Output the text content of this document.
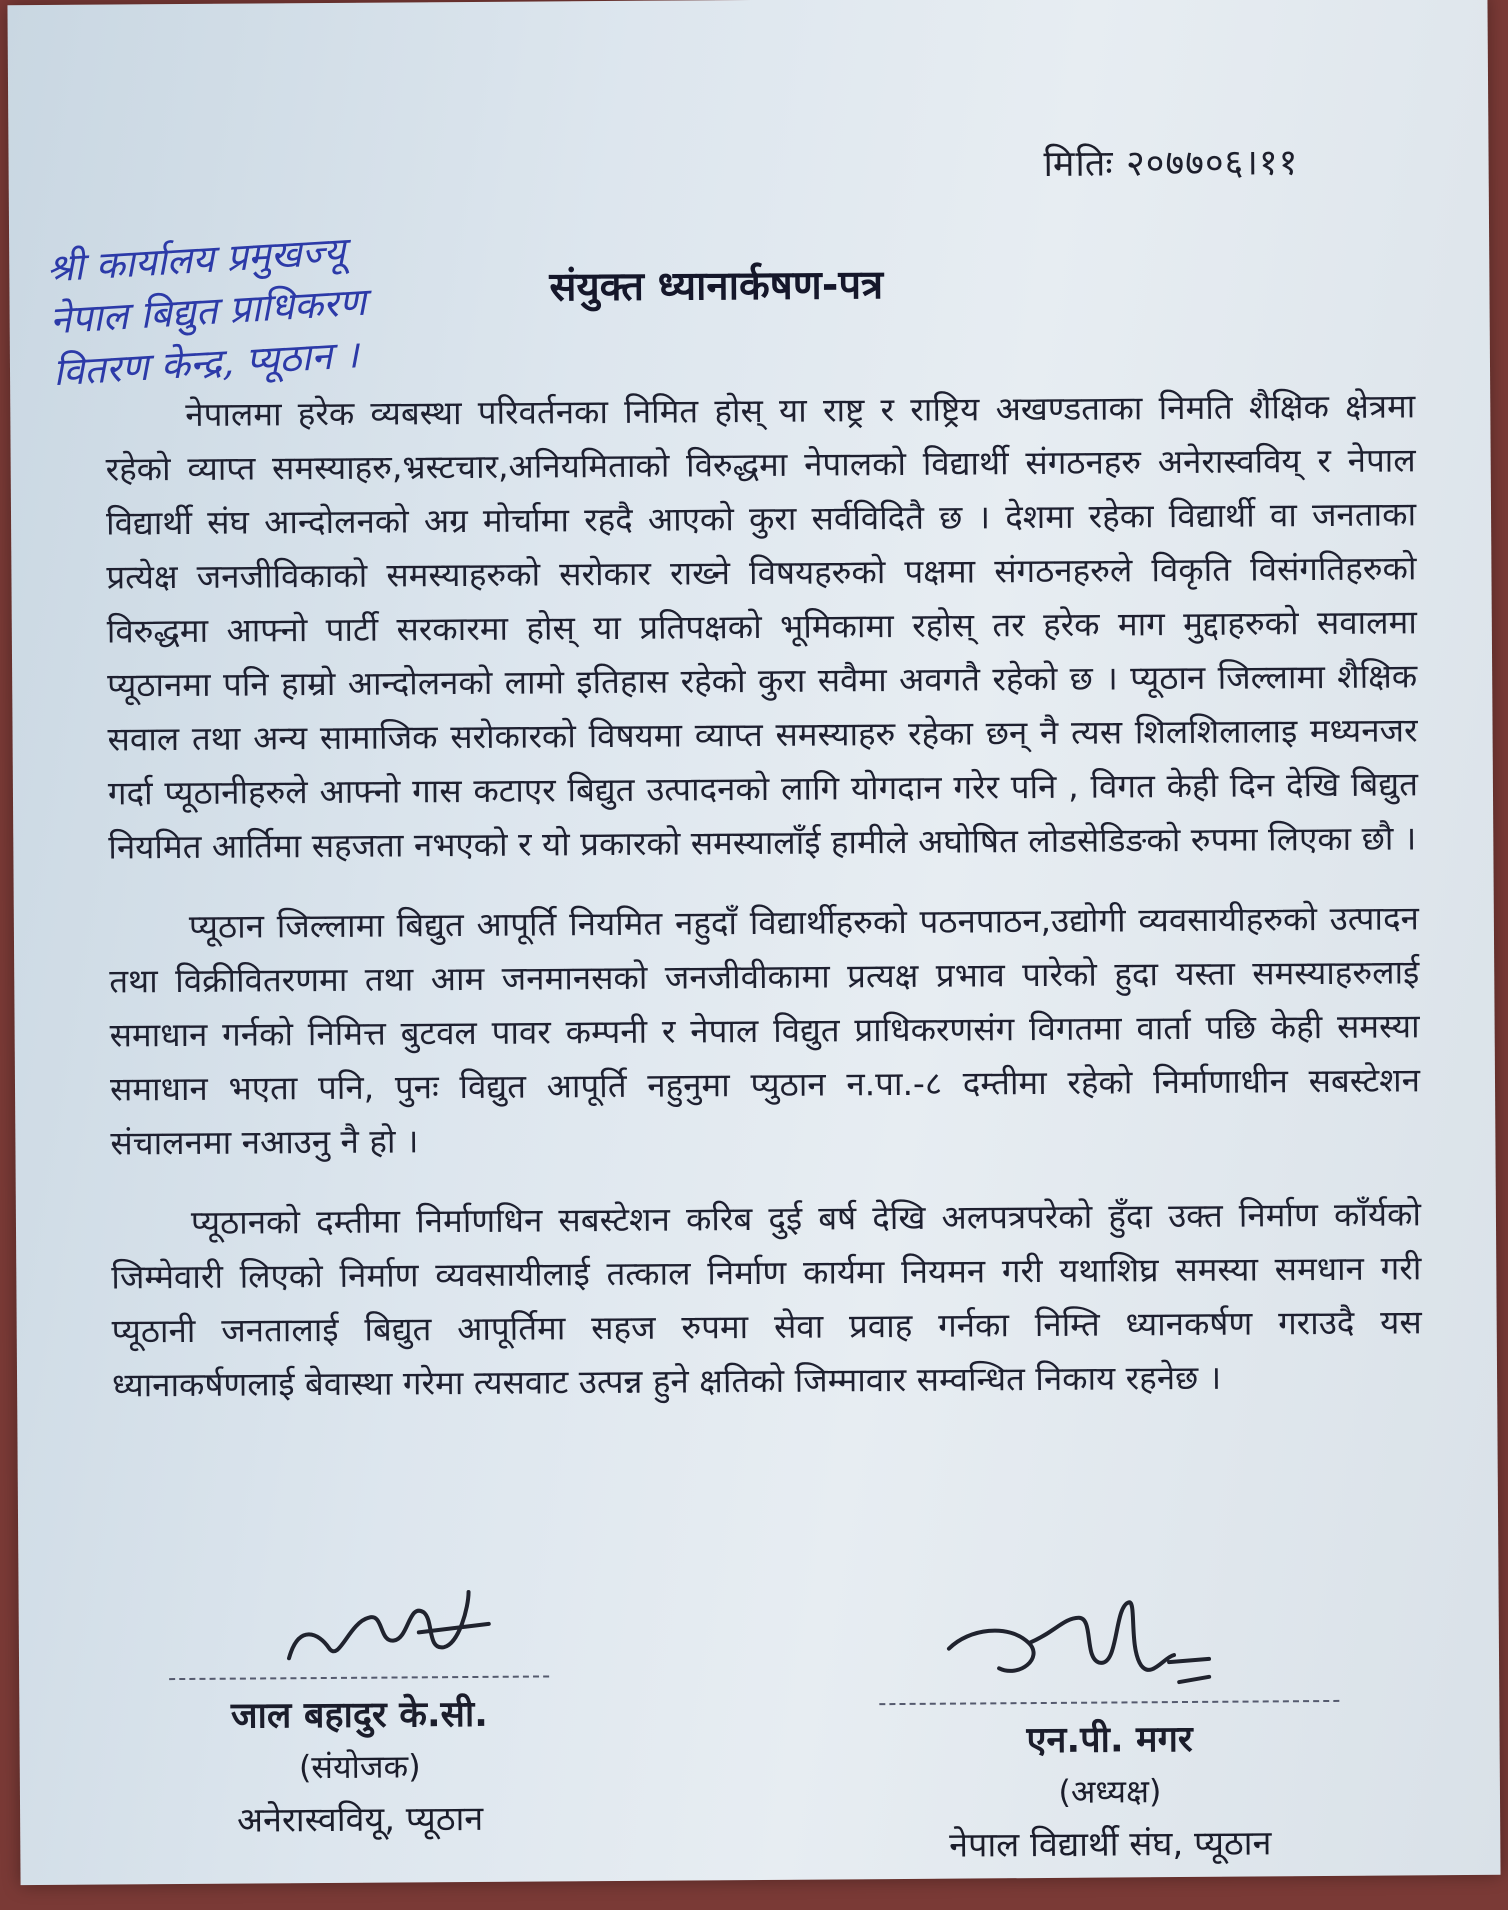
मितिः २०७७०६।११
श्री कार्यालय प्रमुखज्यू
नेपाल बिद्युत प्राधिकरण
वितरण केन्द्र, प्यूठान ।
संयुक्त ध्यानार्कषण-पत्र

नेपालमा हरेक व्यबस्था परिवर्तनका निमित होस् या राष्ट्र र राष्ट्रिय अखण्डताका निमति शैक्षिक क्षेत्रमा रहेको व्याप्त समस्याहरु,भ्रस्टचार,अनियमिताको विरुद्धमा नेपालको विद्यार्थी संगठनहरु अनेरास्वविय्‌ र नेपाल विद्यार्थी संघ आन्दोलनको अग्र मोर्चामा रहदै आएको कुरा सर्वविदितै छ । देशमा रहेका विद्यार्थी वा जनताका प्रत्येक्ष जनजीविकाको समस्याहरुको सरोकार राख्ने विषयहरुको पक्षमा संगठनहरुले विकृति विसंगतिहरुको विरुद्धमा आफ्नो पार्टी सरकारमा होस् या प्रतिपक्षको भूमिकामा रहोस् तर हरेक माग मुद्दाहरुको सवालमा प्यूठानमा पनि हाम्रो आन्दोलनको लामो इतिहास रहेको कुरा सवैमा अवगतै रहेको छ । प्यूठान जिल्लामा शैक्षिक सवाल तथा अन्य सामाजिक सरोकारको विषयमा व्याप्त समस्याहरु रहेका छन् नै त्यस शिलशिलालाइ मध्यनजर गर्दा प्यूठानीहरुले आफ्नो गास कटाएर बिद्युत उत्पादनको लागि योगदान गरेर पनि , विगत केही दिन देखि बिद्युत नियमित आर्तिमा सहजता नभएको र यो प्रकारको समस्यालाँई हामीले अघोषित लोडसेडिङको रुपमा लिएका छौ ।

प्यूठान जिल्लामा बिद्युत आपूर्ति नियमित नहुदाँ विद्यार्थीहरुको पठनपाठन,उद्योगी व्यवसायीहरुको उत्पादन तथा विक्रीवितरणमा तथा आम जनमानसको जनजीवीकामा प्रत्यक्ष प्रभाव पारेको हुदा यस्ता समस्याहरुलाई समाधान गर्नको निमित्त बुटवल पावर कम्पनी र नेपाल विद्युत प्राधिकरणसंग विगतमा वार्ता पछि केही समस्या समाधान भएता पनि, पुनः विद्युत आपूर्ति नहुनुमा प्युठान न.पा.-८ दम्तीमा रहेको निर्माणाधीन सबस्टेशन संचालनमा नआउनु नै हो ।

प्यूठानको दम्तीमा निर्माणधिन सबस्टेशन करिब दुई बर्ष देखि अलपत्रपरेको हुँदा उक्त निर्माण काँर्यको जिम्मेवारी लिएको निर्माण व्यवसायीलाई तत्काल निर्माण कार्यमा नियमन गरी यथाशिघ्र समस्या समधान गरी प्यूठानी जनतालाई बिद्युत आपूर्तिमा सहज रुपमा सेवा प्रवाह गर्नका निम्ति ध्यानकर्षण गराउदै यस ध्यानाकर्षणलाई बेवास्था गरेमा त्यसवाट उत्पन्न हुने क्षतिको जिम्मावार सम्वन्धित निकाय रहनेछ ।

जाल बहादुर के.सी.
(संयोजक)
अनेरास्ववियू, प्यूठान
एन.पी. मगर
(अध्यक्ष)
नेपाल विद्यार्थी संघ, प्यूठान
